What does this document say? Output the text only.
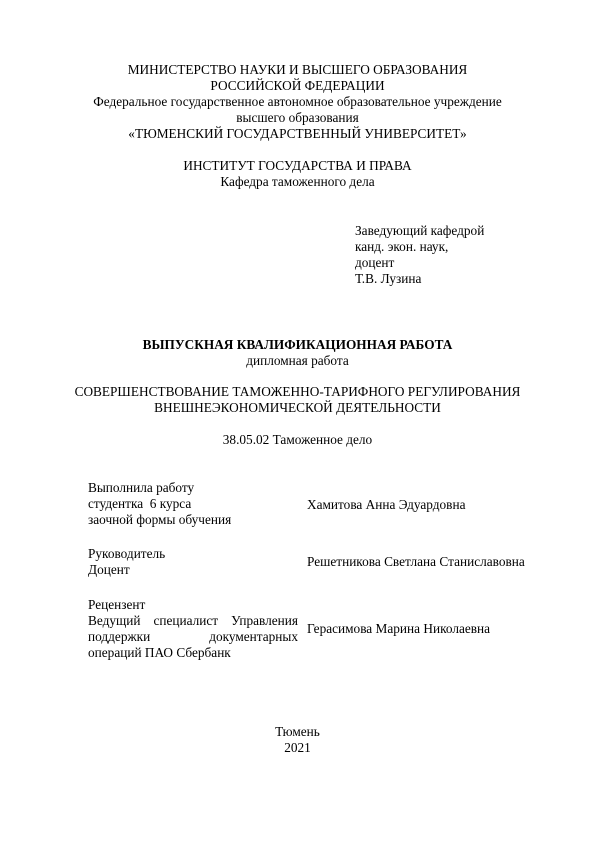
МИНИСТЕРСТВО НАУКИ И ВЫСШЕГО ОБРАЗОВАНИЯ
РОССИЙСКОЙ ФЕДЕРАЦИИ
Федеральное государственное автономное образовательное учреждение
высшего образования
«ТЮМЕНСКИЙ ГОСУДАРСТВЕННЫЙ УНИВЕРСИТЕТ»
ИНСТИТУТ ГОСУДАРСТВА И ПРАВА
Кафедра таможенного дела
Заведующий кафедрой
канд. экон. наук,
доцент
Т.В. Лузина
ВЫПУСКНАЯ КВАЛИФИКАЦИОННАЯ РАБОТА
дипломная работа
СОВЕРШЕНСТВОВАНИЕ ТАМОЖЕННО-ТАРИФНОГО РЕГУЛИРОВАНИЯ
ВНЕШНЕЭКОНОМИЧЕСКОЙ ДЕЯТЕЛЬНОСТИ
38.05.02 Таможенное дело
Выполнила работу
студентка  6 курса
заочной формы обучения
Хамитова Анна Эдуардовна
Руководитель
Доцент
Решетникова Светлана Станиславовна
Рецензент
Ведущий специалист Управления
поддержки	документарных
операций ПАО Сбербанк
Герасимова Марина Николаевна
Тюмень
2021
